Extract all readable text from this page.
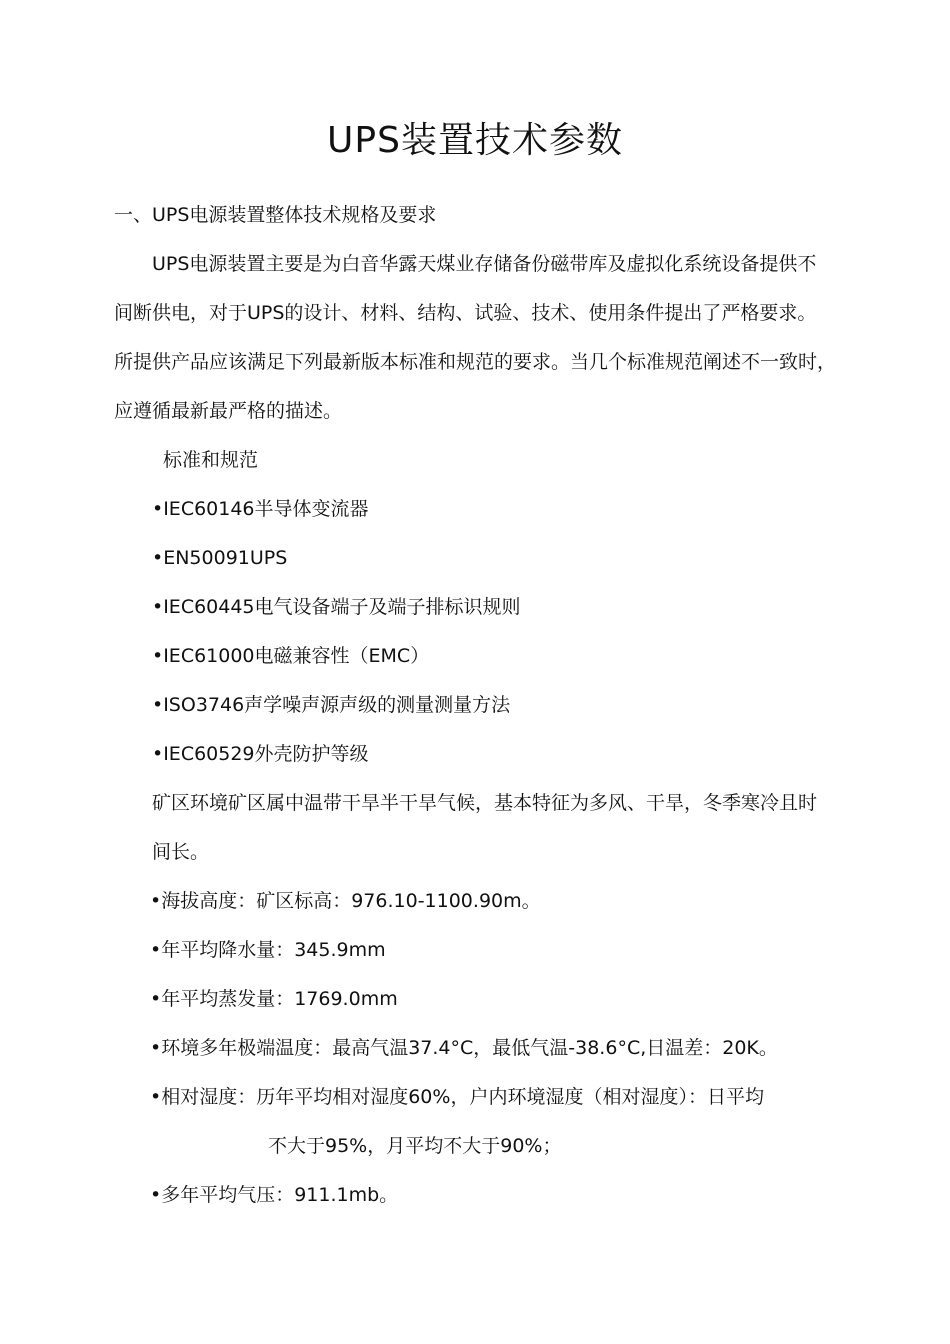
UPS装置技术参数
一、UPS电源装置整体技术规格及要求
UPS电源装置主要是为白音华露天煤业存储备份磁带库及虚拟化系统设备提供不
间断供电，对于UPS的设计、材料、结构、试验、技术、使用条件提出了严格要求。
所提供产品应该满足下列最新版本标准和规范的要求。当几个标准规范阐述不一致时，
应遵循最新最严格的描述。
标准和规范
•IEC60146半导体变流器
•EN50091UPS
•IEC60445电气设备端子及端子排标识规则
•IEC61000电磁兼容性（EMC）
•ISO3746声学噪声源声级的测量测量方法
•IEC60529外壳防护等级
矿区环境矿区属中温带干旱半干旱气候，基本特征为多风、干旱，冬季寒冷且时
间长。
•海拔高度：矿区标高：976.10-1100.90m。
•年平均降水量：345.9mm
•年平均蒸发量：1769.0mm
•环境多年极端温度：最高气温37.4°C，最低气温-38.6°C,日温差：20K。
•相对湿度：历年平均相对湿度60%，户内环境湿度（相对湿度）：日平均
不大于95%，月平均不大于90%；
•多年平均气压：911.1mb。
